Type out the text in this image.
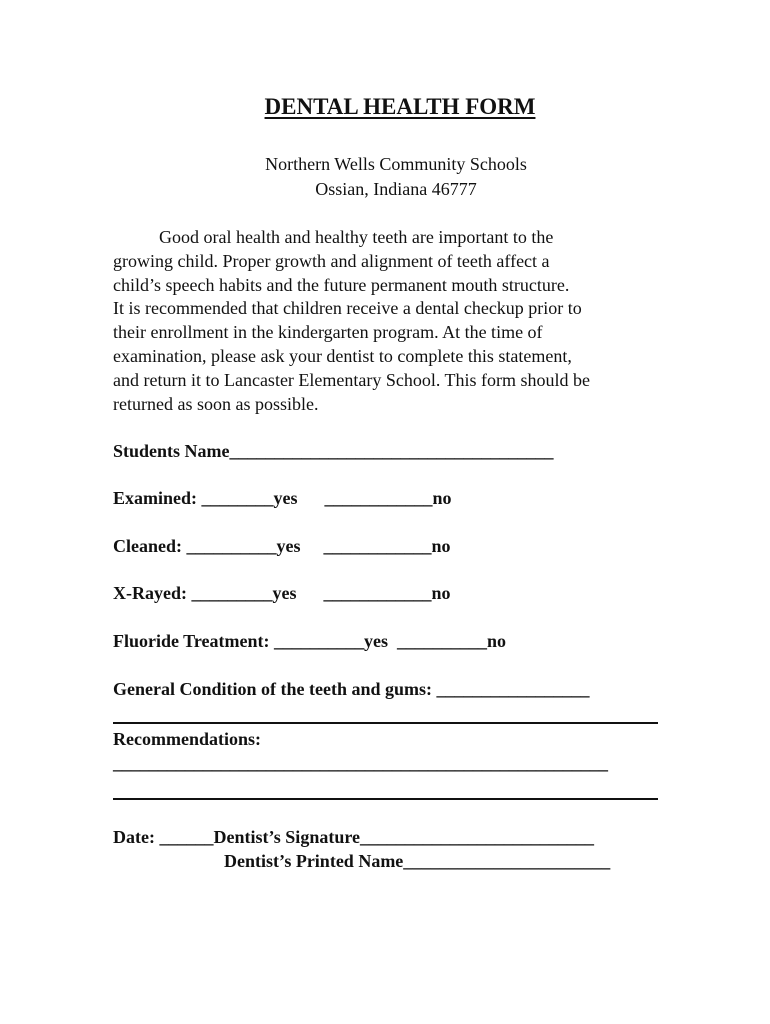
DENTAL HEALTH FORM
Northern Wells Community Schools
Ossian, Indiana 46777
Good oral health and healthy teeth are important to the
growing child. Proper growth and alignment of teeth affect a
child’s speech habits and the future permanent mouth structure.
It is recommended that children receive a dental checkup prior to
their enrollment in the kindergarten program. At the time of
examination, please ask your dentist to complete this statement,
and return it to Lancaster Elementary School. This form should be
returned as soon as possible.
Students Name____________________________________
Examined: ________yes ____________no
Cleaned: __________yes ____________no
X-Rayed: _________yes ____________no
Fluoride Treatment: __________yes  __________no
General Condition of the teeth and gums: _________________
Recommendations:
_______________________________________________________
Date: ______Dentist’s Signature__________________________
Dentist’s Printed Name_______________________
